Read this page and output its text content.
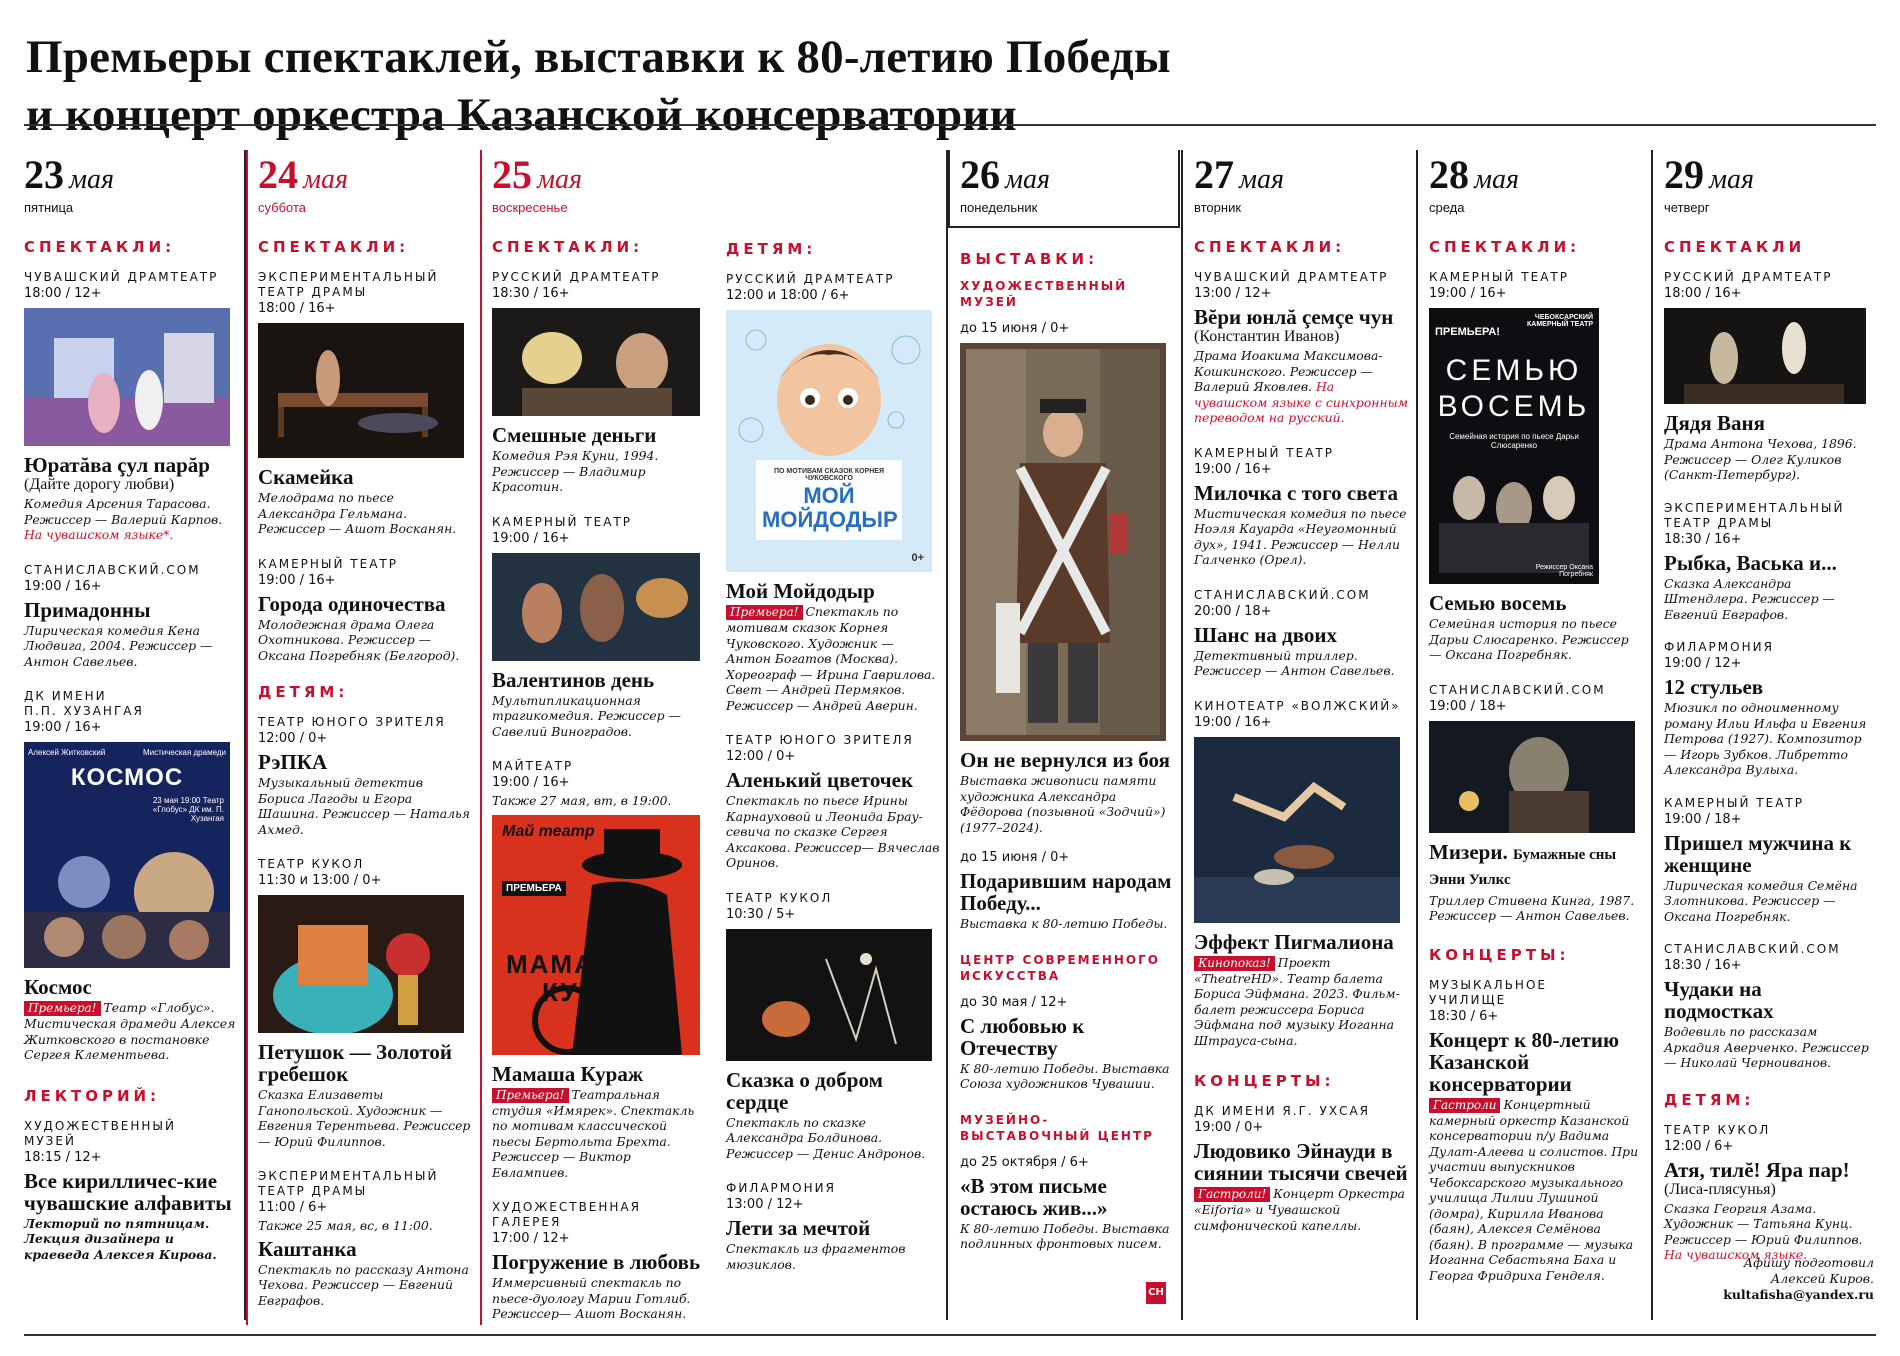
Премьеры спектаклей, выставки к 80-летию Победы
и концерт оркестра Казанской консерватории
23 мая
пятница
СПЕКТАКЛИ:
ЧУВАШСКИЙ ДРАМТЕАТР
18:00 / 12+
Юратăва çул парăр
(Дайте дорогу любви)
Комедия Арсения Тарасова. Режиссер — Валерий Карпов. На чувашском языке*.
СТАНИСЛАВСКИЙ.COM
19:00 / 16+
Примадонны
Лирическая комедия Кена Людвига, 2004. Режиссер — Антон Савельев.
ДК ИМЕНИ
П.П. ХУЗАНГАЯ
19:00 / 16+
Алексей Житковский	Мистическая драмеди
КОСМОС
23 мая 19:00 Театр «Глобус» ДК им. П. Хузангая
Космос
Премьера! Театр «Глобус». Мистическая драмеди Алексея Житковского в постановке Сергея Клементьева.
ЛЕКТОРИЙ:
ХУДОЖЕСТВЕННЫЙ
МУЗЕЙ
18:15 / 12+
Все кирилличес-кие чувашские алфавиты
Лекторий по пятницам. Лекция дизайнера и краеведа Алексея Кирова.
24 мая
суббота
СПЕКТАКЛИ:
ЭКСПЕРИМЕНТАЛЬНЫЙ
ТЕАТР ДРАМЫ
18:00 / 16+
Скамейка
Мелодрама по пьесе Александра Гельмана. Режиссер — Ашот Восканян.
КАМЕРНЫЙ ТЕАТР
19:00 / 16+
Города одиночества
Молодежная драма Олега Охотникова. Режиссер — Оксана Погребняк (Белгород).
ДЕТЯМ:
ТЕАТР ЮНОГО ЗРИТЕЛЯ
12:00 / 0+
РэПКА
Музыкальный детектив Бориса Лагоды и Егора Шашина. Режиссер — Наталья Ахмед.
ТЕАТР КУКОЛ
11:30 и 13:00 / 0+
Петушок — Золотой гребешок
Сказка Елизаветы Ганопольской. Художник — Евгения Терентьева. Режиссер — Юрий Филиппов.
ЭКСПЕРИМЕНТАЛЬНЫЙ
ТЕАТР ДРАМЫ
11:00 / 6+
Также 25 мая, вс, в 11:00.
Каштанка
Спектакль по рассказу Антона Чехова. Режиссер — Евгений Евграфов.
25 мая
воскресенье
СПЕКТАКЛИ:
РУССКИЙ ДРАМТЕАТР
18:30 / 16+
Смешные деньги
Комедия Рэя Куни, 1994. Режиссер — Владимир Красотин.
КАМЕРНЫЙ ТЕАТР
19:00 / 16+
Валентинов день
Мультипликационная трагикомедия. Режиссер — Савелий Виноградов.
МАЙТЕАТР
19:00 / 16+
Также 27 мая, вт, в 19:00.
Май театр
ПРЕМЬЕРА
МАМАША
КУРАЖ
Мамаша Кураж
Премьера! Театральная студия «Имярек». Спектакль по мотивам классической пьесы Бертольта Брехта. Режиссер — Виктор Евлампиев.
ХУДОЖЕСТВЕННАЯ
ГАЛЕРЕЯ
17:00 / 12+
Погружение в любовь
Иммерсивный спектакль по пьесе-дуологу Марии Готлиб. Режиссер— Ашот Восканян.
ДЕТЯМ:
РУССКИЙ ДРАМТЕАТР
12:00 и 18:00 / 6+
ПО МОТИВАМ СКАЗОК КОРНЕЯ ЧУКОВСКОГО
МОЙ МОЙДОДЫР
0+
Мой Мойдодыр
Премьера! Спектакль по мотивам сказок Корнея Чуковского. Художник — Антон Богатов (Москва). Хореограф — Ирина Гаврилова. Свет — Андрей Пермяков. Режиссер — Андрей Аверин.
ТЕАТР ЮНОГО ЗРИТЕЛЯ
12:00 / 0+
Аленький цветочек
Спектакль по пьесе Ирины Карнауховой и Леонида Брау-севича по сказке Сергея Аксакова. Режиссер— Вячеслав Оринов.
ТЕАТР КУКОЛ
10:30 / 5+
Сказка о добром сердце
Спектакль по сказке Александра Болдинова. Режиссер — Денис Андронов.
ФИЛАРМОНИЯ
13:00 / 12+
Лети за мечтой
Спектакль из фрагментов мюзиклов.
26 мая
понедельник
ВЫСТАВКИ:
ХУДОЖЕСТВЕННЫЙ
МУЗЕЙ
до 15 июня / 0+
Он не вернулся из боя
Выставка живописи памяти художника Александра Фёдорова (позывной «Зодчий») (1977–2024).
до 15 июня / 0+
Подарившим народам Победу...
Выставка к 80-летию Победы.
ЦЕНТР СОВРЕМЕННОГО
ИСКУССТВА
до 30 мая / 12+
С любовью к Отечеству
К 80-летию Победы. Выставка Союза художников Чувашии.
МУЗЕЙНО-
ВЫСТАВОЧНЫЙ ЦЕНТР
до 25 октября / 6+
«В этом письме остаюсь жив...»
К 80-летию Победы. Выставка подлинных фронтовых писем.
СН
27 мая
вторник
СПЕКТАКЛИ:
ЧУВАШСКИЙ ДРАМТЕАТР
13:00 / 12+
Вĕри юнлă çемçе чун
(Константин Иванов)
Драма Иоакима Максимова-Кошкинского. Режиссер — Валерий Яковлев. На чувашском языке с синхронным переводом на русский.
КАМЕРНЫЙ ТЕАТР
19:00 / 16+
Милочка с того света
Мистическая комедия по пьесе Ноэля Кауарда «Неугомонный дух», 1941. Режиссер — Нелли Галченко (Орел).
СТАНИСЛАВСКИЙ.COM
20:00 / 18+
Шанс на двоих
Детективный триллер. Режиссер — Антон Савельев.
КИНОТЕАТР «ВОЛЖСКИЙ»
19:00 / 16+
Эффект Пигмалиона
Кинопоказ! Проект «TheatreHD». Театр балета Бориса Эйфмана. 2023. Фильм-балет режиссера Бориса Эйфмана под музыку Иоганна Штрауса-сына.
КОНЦЕРТЫ:
ДК ИМЕНИ Я.Г. УХСАЯ
19:00 / 0+
Людовико Эйнауди в сиянии тысячи свечей
Гастроли! Концерт Оркестра «Eiforia» и Чувашской симфонической капеллы.
28 мая
среда
СПЕКТАКЛИ:
КАМЕРНЫЙ ТЕАТР
19:00 / 16+
ПРЕМЬЕРА!
ЧЕБОКСАРСКИЙ КАМЕРНЫЙ ТЕАТР
СЕМЬЮ
ВОСЕМЬ
Семейная история по пьесе Дарьи Слюсаренко
Режиссер Оксана Погребняк
Семью восемь
Семейная история по пьесе Дарьи Слюсаренко. Режиссер — Оксана Погребняк.
СТАНИСЛАВСКИЙ.COM
19:00 / 18+
Мизери. Бумажные сны Энни Уилкс
Триллер Стивена Кинга, 1987. Режиссер — Антон Савельев.
КОНЦЕРТЫ:
МУЗЫКАЛЬНОЕ
УЧИЛИЩЕ
18:30 / 6+
Концерт к 80-летию Казанской консерватории
Гастроли Концертный камерный оркестр Казанской консерватории п/у Вадима Дулат-Алеева и солистов. При участии выпускников Чебоксарского музыкального училища Лилии Лушиной (домра), Кирилла Иванова (баян), Алексея Семёнова (баян). В программе — музыка Иоганна Себастьяна Баха и Георга Фридриха Генделя.
29 мая
четверг
СПЕКТАКЛИ
РУССКИЙ ДРАМТЕАТР
18:00 / 16+
Дядя Ваня
Драма Антона Чехова, 1896. Режиссер — Олег Куликов (Санкт-Петербург).
ЭКСПЕРИМЕНТАЛЬНЫЙ
ТЕАТР ДРАМЫ
18:30 / 16+
Рыбка, Васька и...
Сказка Александра Штендлера. Режиссер — Евгений Евграфов.
ФИЛАРМОНИЯ
19:00 / 12+
12 стульев
Мюзикл по одноименному роману Ильи Ильфа и Евгения Петрова (1927). Композитор — Игорь Зубков. Либретто Александра Вулыха.
КАМЕРНЫЙ ТЕАТР
19:00 / 18+
Пришел мужчина к женщине
Лирическая комедия Семёна Злотникова. Режиссер — Оксана Погребняк.
СТАНИСЛАВСКИЙ.COM
18:30 / 16+
Чудаки на подмостках
Водевиль по рассказам Аркадия Аверченко. Режиссер — Николай Черноиванов.
ДЕТЯМ:
ТЕАТР КУКОЛ
12:00 / 6+
Атя, тилĕ! Яра пар!
(Лиса-плясунья)
Сказка Георгия Азама. Художник — Татьяна Кунц. Режиссер — Юрий Филиппов. На чувашском языке.
Афишу подготовил
Алексей Киров.
kultafisha@yandex.ru
